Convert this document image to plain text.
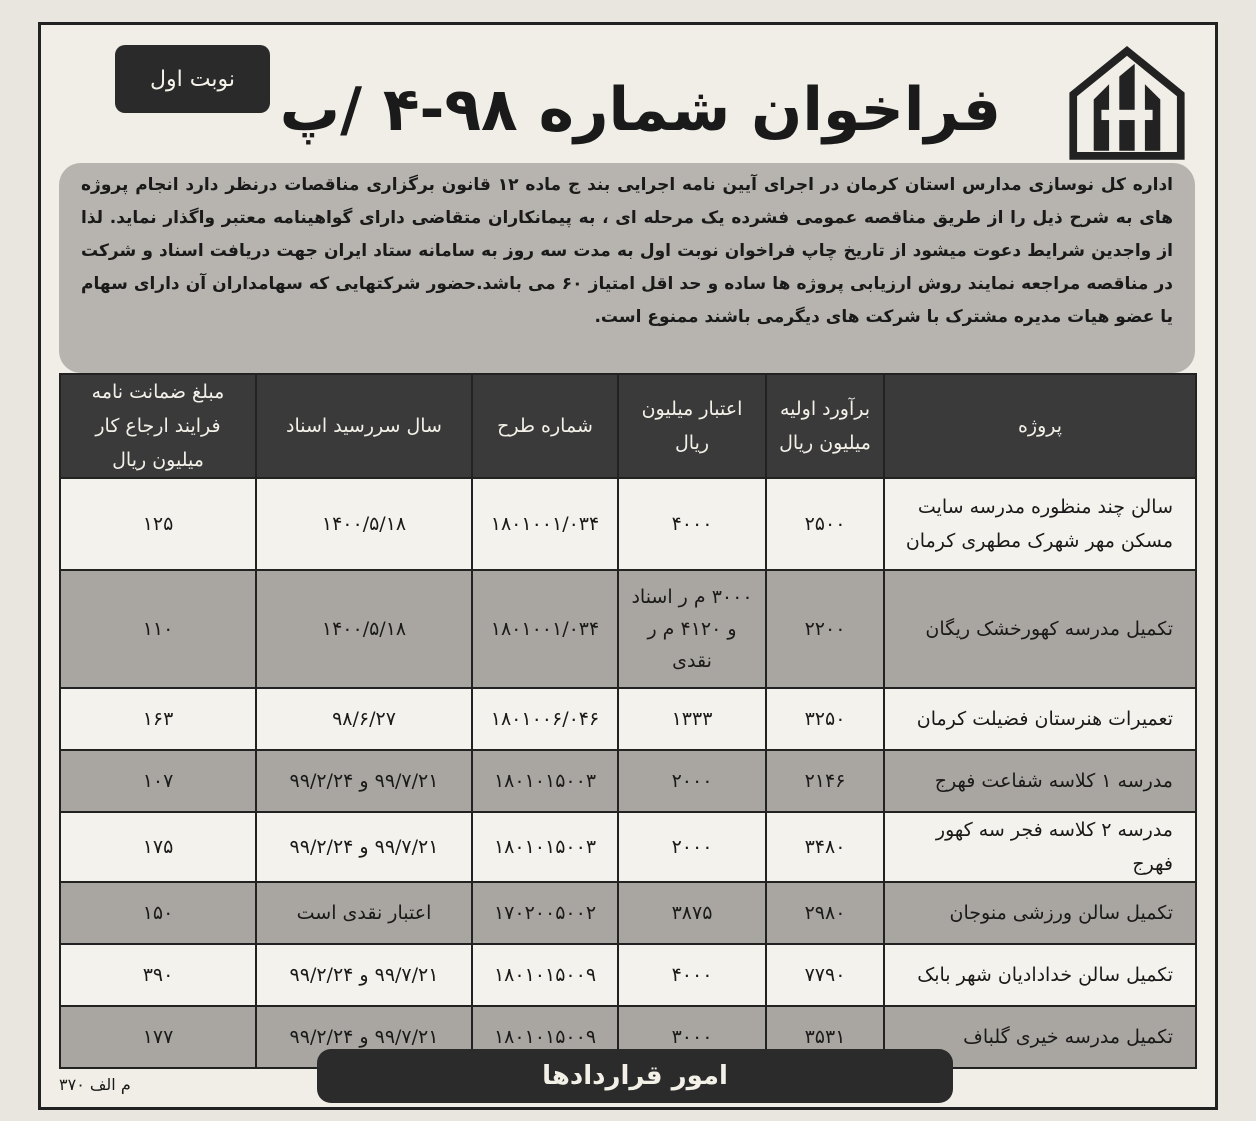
نوبت اول فراخوان شماره ۹۸-۴ /پ
اداره کل نوسازی مدارس استان کرمان در اجرای آیین نامه اجرایی بند ج ماده ۱۲ قانون برگزاری مناقصات درنظر دارد انجام پروژه های به شرح ذیل را از طریق مناقصه عمومی فشرده یک مرحله ای ، به پیمانکاران متقاضی دارای گواهینامه معتبر واگذار نماید. لذا از واجدین شرایط دعوت میشود از تاریخ چاپ فراخوان نوبت اول به مدت سه روز به سامانه ستاد ایران جهت دریافت اسناد و شرکت در مناقصه مراجعه نمایند روش ارزیابی پروژه ها ساده و حد اقل امتیاز ۶۰ می باشد.حضور شرکتهایی که سهامداران آن دارای سهام یا عضو هیات مدیره مشترک با شرکت های دیگرمی باشند ممنوع است.
پروژه	برآورد اولیه میلیون ریال	اعتبار میلیون ریال	شماره طرح	سال سررسید اسناد	مبلغ ضمانت نامه فرایند ارجاع کار میلیون ریال
سالن چند منظوره مدرسه سایت مسکن مهر شهرک مطهری کرمان	۲۵۰۰	۴۰۰۰	۱۸۰۱۰۰۱/۰۳۴	۱۴۰۰/۵/۱۸	۱۲۵
تکمیل مدرسه کهورخشک ریگان	۲۲۰۰	۳۰۰۰ م ر اسناد و ۴۱۲۰ م ر نقدی	۱۸۰۱۰۰۱/۰۳۴	۱۴۰۰/۵/۱۸	۱۱۰
تعمیرات هنرستان فضیلت کرمان	۳۲۵۰	۱۳۳۳	۱۸۰۱۰۰۶/۰۴۶	۹۸/۶/۲۷	۱۶۳
مدرسه ۱ کلاسه شفاعت فهرج	۲۱۴۶	۲۰۰۰	۱۸۰۱۰۱۵۰۰۳	۹۹/۷/۲۱ و ۹۹/۲/۲۴	۱۰۷
مدرسه ۲ کلاسه فجر سه کهور فهرج	۳۴۸۰	۲۰۰۰	۱۸۰۱۰۱۵۰۰۳	۹۹/۷/۲۱ و ۹۹/۲/۲۴	۱۷۵
تکمیل سالن ورزشی منوجان	۲۹۸۰	۳۸۷۵	۱۷۰۲۰۰۵۰۰۲	اعتبار نقدی است	۱۵۰
تکمیل سالن خدادادیان شهر بابک	۷۷۹۰	۴۰۰۰	۱۸۰۱۰۱۵۰۰۹	۹۹/۷/۲۱ و ۹۹/۲/۲۴	۳۹۰
تکمیل مدرسه خیری گلباف	۳۵۳۱	۳۰۰۰	۱۸۰۱۰۱۵۰۰۹	۹۹/۷/۲۱ و ۹۹/۲/۲۴	۱۷۷
امور قراردادها
م الف ۳۷۰
